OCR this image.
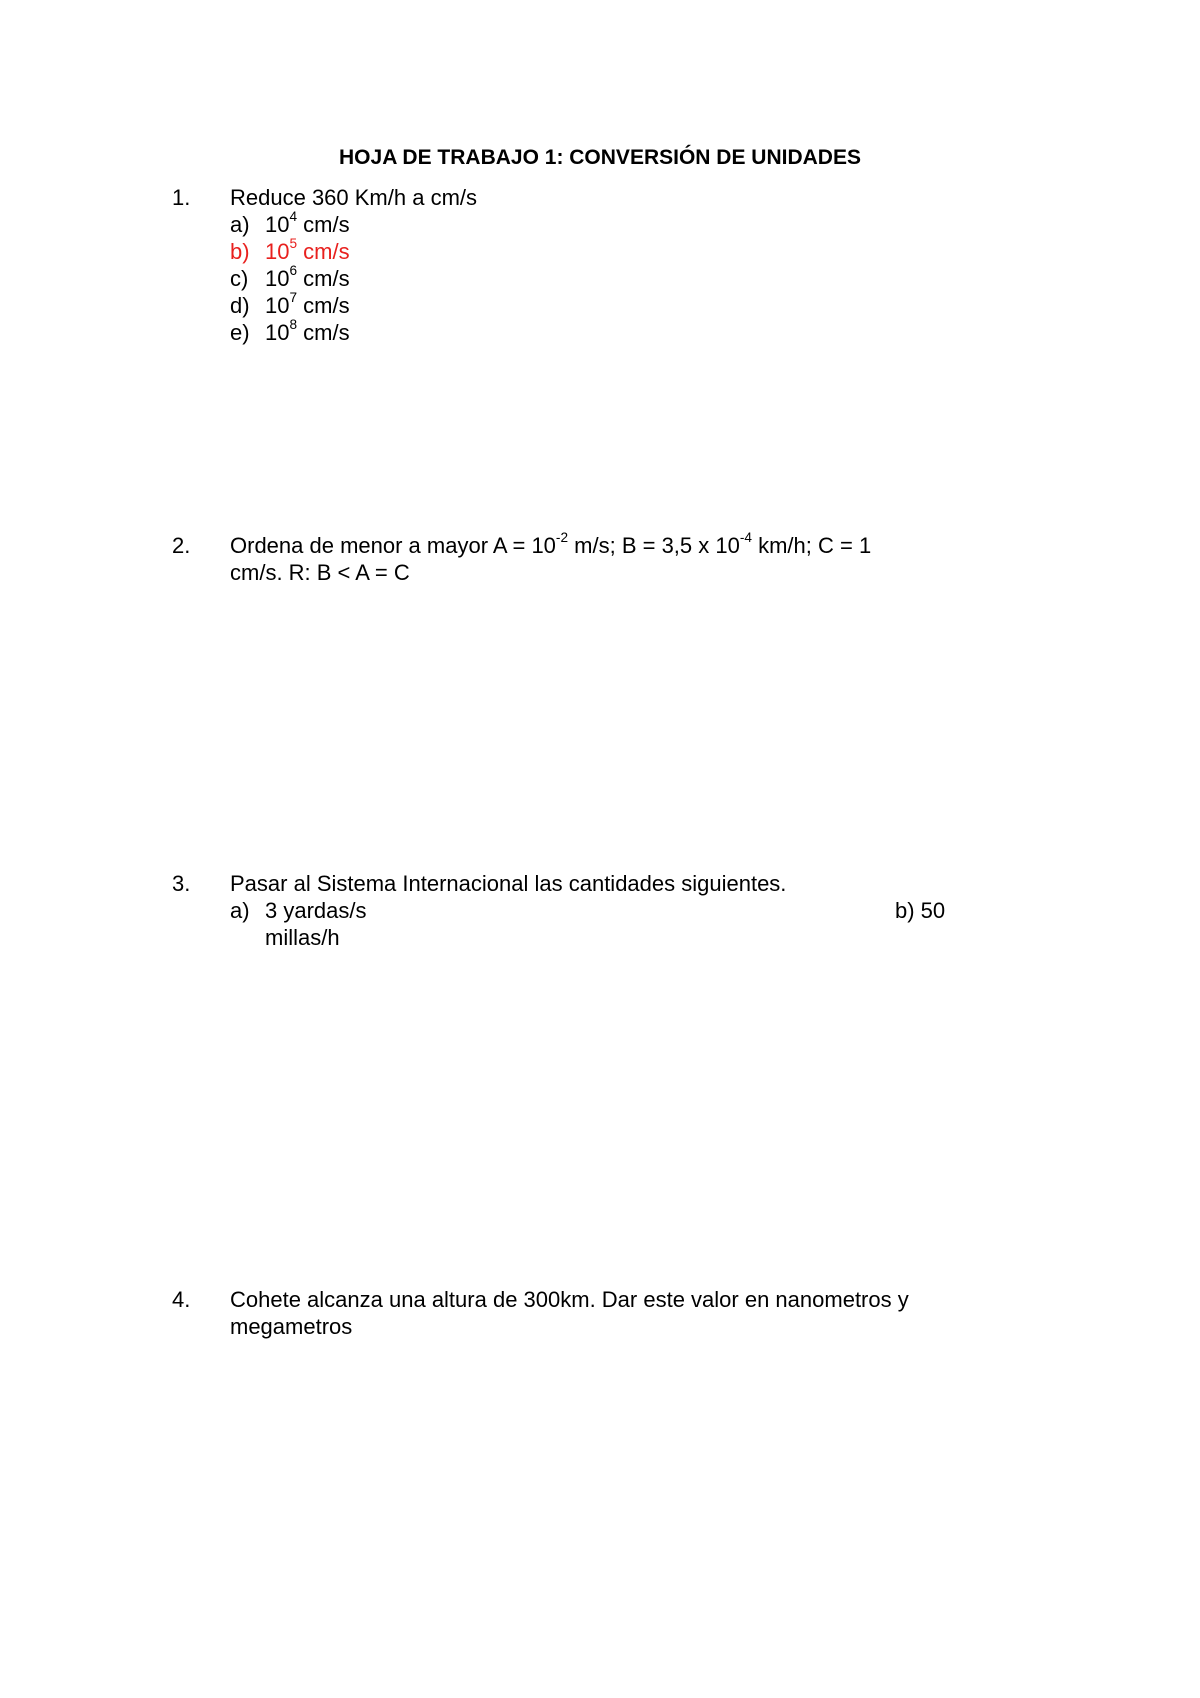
HOJA DE TRABAJO 1: CONVERSIÓN DE UNIDADES
1. Reduce 360 Km/h a cm/s
a) $10^4$ cm/s
b) $10^5$ cm/s
c) $10^6$ cm/s
d) $10^7$ cm/s
e) $10^8$ cm/s
2. Ordena de menor a mayor $A = 10^{-2}$ m/s; B = 3,5 x $10^{-4}$ km/h; C = 1
cm/s. R: B < A = C
3. Pasar al Sistema Internacional las cantidades siguientes.
a) 3 yardas/s	b) 50
millas/h
4. Cohete alcanza una altura de 300km. Dar este valor en nanometros y
megametros
